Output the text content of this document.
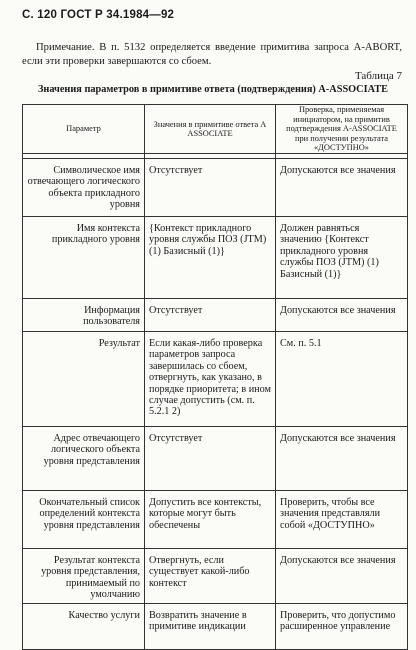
С. 120 ГОСТ Р 34.1984—92
Примечание. В п. 5132 определяется введение примитива запроса A-ABORT, если эти проверки завершаются со сбоем.
Таблица 7
Значения параметров в примитиве ответа (подтверждения) A-ASSOCIATE
Параметр	Значения в примитиве ответа A ASSOCIATE	Проверка, применяемая инициатором, на примитив подтверждения A-ASSOCIATE при получении результата «ДОСТУПНО»

Символическое имя отвечающего логического объекта прикладного уровня	Отсутствует	Допускаются все значения
Имя контекста прикладного уровня	{Контекст прикладного уровня службы ПОЗ (JTM) (1) Базисный (1)}	Должен равняться значению {Контекст прикладного уровня службы ПОЗ (JTM) (1) Базисный (1)}
Информация пользователя	Отсутствует	Допускаются все значения
Результат	Если какая-либо проверка параметров запроса завершилась со сбоем, отвергнуть, как указано, в порядке приоритета; в ином случае допустить (см. п. 5.2.1 2)	См. п. 5.1
Адрес отвечающего логического объекта уровня представления	Отсутствует	Допускаются все значения
Окончательный список определений контекста уровня представления	Допустить все контексты, которые могут быть обеспечены	Проверить, чтобы все значения представляли собой «ДОСТУПНО»
Результат контекста уровня представления, принимаемый по умолчанию	Отвергнуть, если существует какой-либо контекст	Допускаются все значения
Качество услуги	Возвратить значение в примитиве индикации	Проверить, что допустимо расширенное управление
